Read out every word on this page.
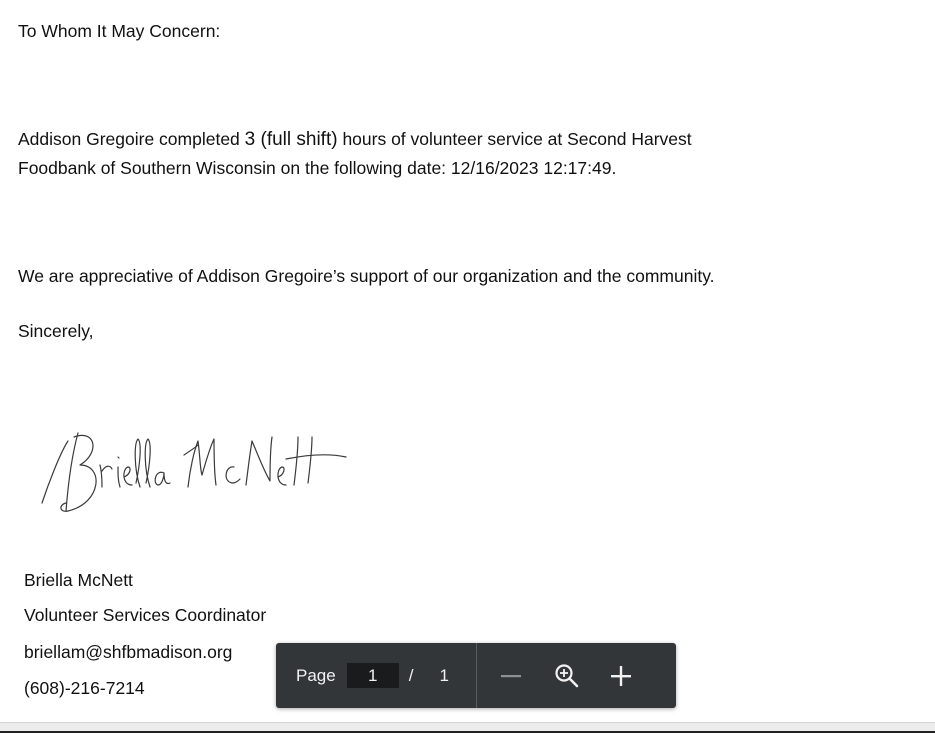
To Whom It May Concern:
Addison Gregoire completed 3 (full shift) hours of volunteer service at Second Harvest
Foodbank of Southern Wisconsin on the following date: 12/16/2023 12:17:49.
We are appreciative of Addison Gregoire’s support of our organization and the community.
Sincerely,
Briella McNett
Volunteer Services Coordinator
briellam@shfbmadison.org
(608)-216-7214
Page
1	/ 1
